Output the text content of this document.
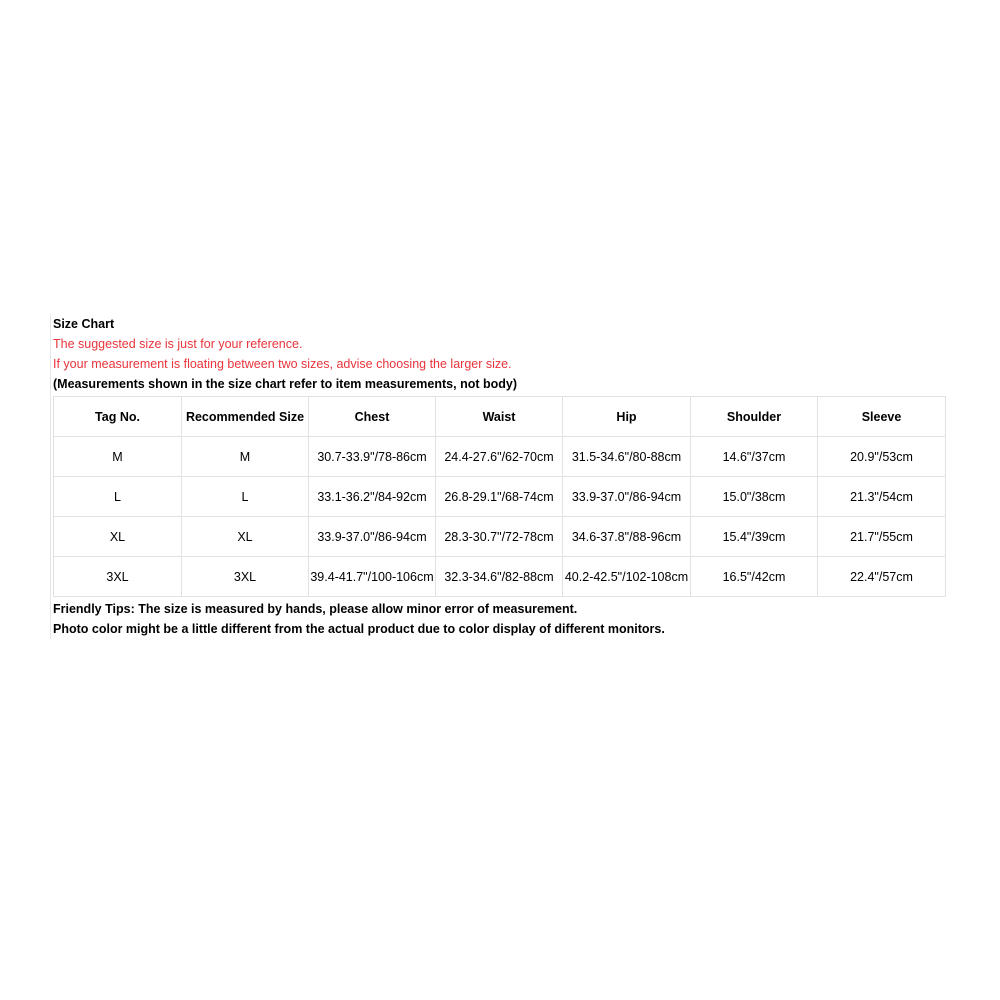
Size Chart
The suggested size is just for your reference.
If your measurement is floating between two sizes, advise choosing the larger size.
(Measurements shown in the size chart refer to item measurements, not body)
Tag No.	Recommended Size	Chest	Waist	Hip	Shoulder	Sleeve
M	M	30.7-33.9"/78-86cm	24.4-27.6"/62-70cm	31.5-34.6"/80-88cm	14.6"/37cm	20.9"/53cm
L	L	33.1-36.2"/84-92cm	26.8-29.1"/68-74cm	33.9-37.0"/86-94cm	15.0"/38cm	21.3"/54cm
XL	XL	33.9-37.0"/86-94cm	28.3-30.7"/72-78cm	34.6-37.8"/88-96cm	15.4"/39cm	21.7"/55cm
3XL	3XL	39.4-41.7"/100-106cm	32.3-34.6"/82-88cm	40.2-42.5"/102-108cm	16.5"/42cm	22.4"/57cm
Friendly Tips: The size is measured by hands, please allow minor error of measurement.
Photo color might be a little different from the actual product due to color display of different monitors.
